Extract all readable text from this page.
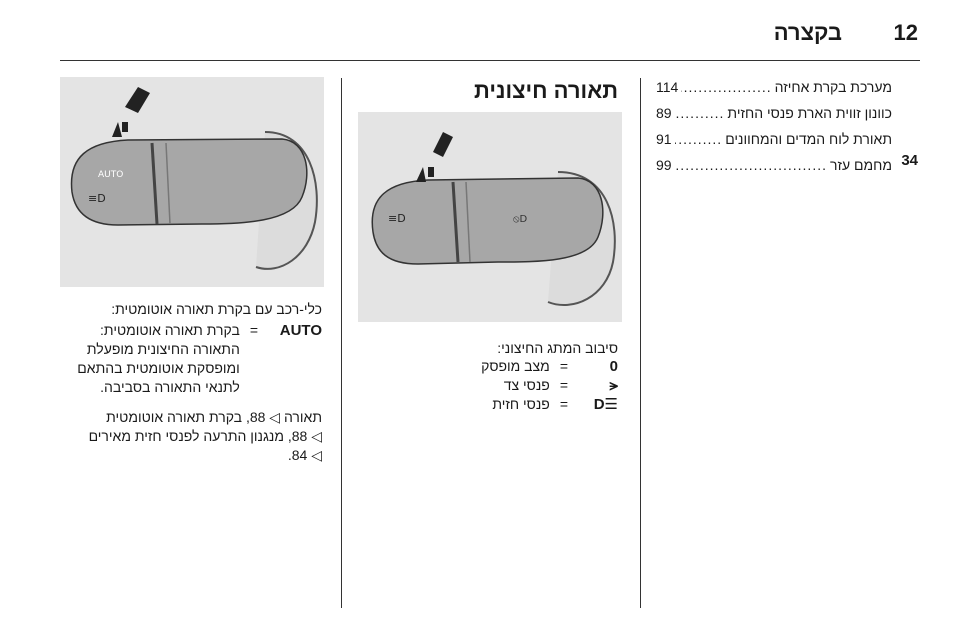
12
בקצרה
מערכת בקרת אחיזה
.....
114
כוונון זווית הארת פנסי החזית
.....
89
תאורת לוח המדים והמחוונים
.....
91
מחמם עזר
.....
99	34
תאורה חיצונית
≡D	⦸D
סיבוב המתג החיצוני:
0
=
מצב מופסק
⪪
=
פנסי צד
☰D
=
פנסי חזית
AUTO
≡D
כלי-רכב עם בקרת תאורה אוטומטית:
AUTO
=
בקרת תאורה אוטומטית: התאורה החיצונית מופעלת ומופסקת אוטומטית בהתאם לתנאי התאורה בסביבה.
תאורה ◁ 88, בקרת תאורה אוטומטית
◁ 88, מנגנון התרעה לפנסי חזית מאירים
◁ 84.
